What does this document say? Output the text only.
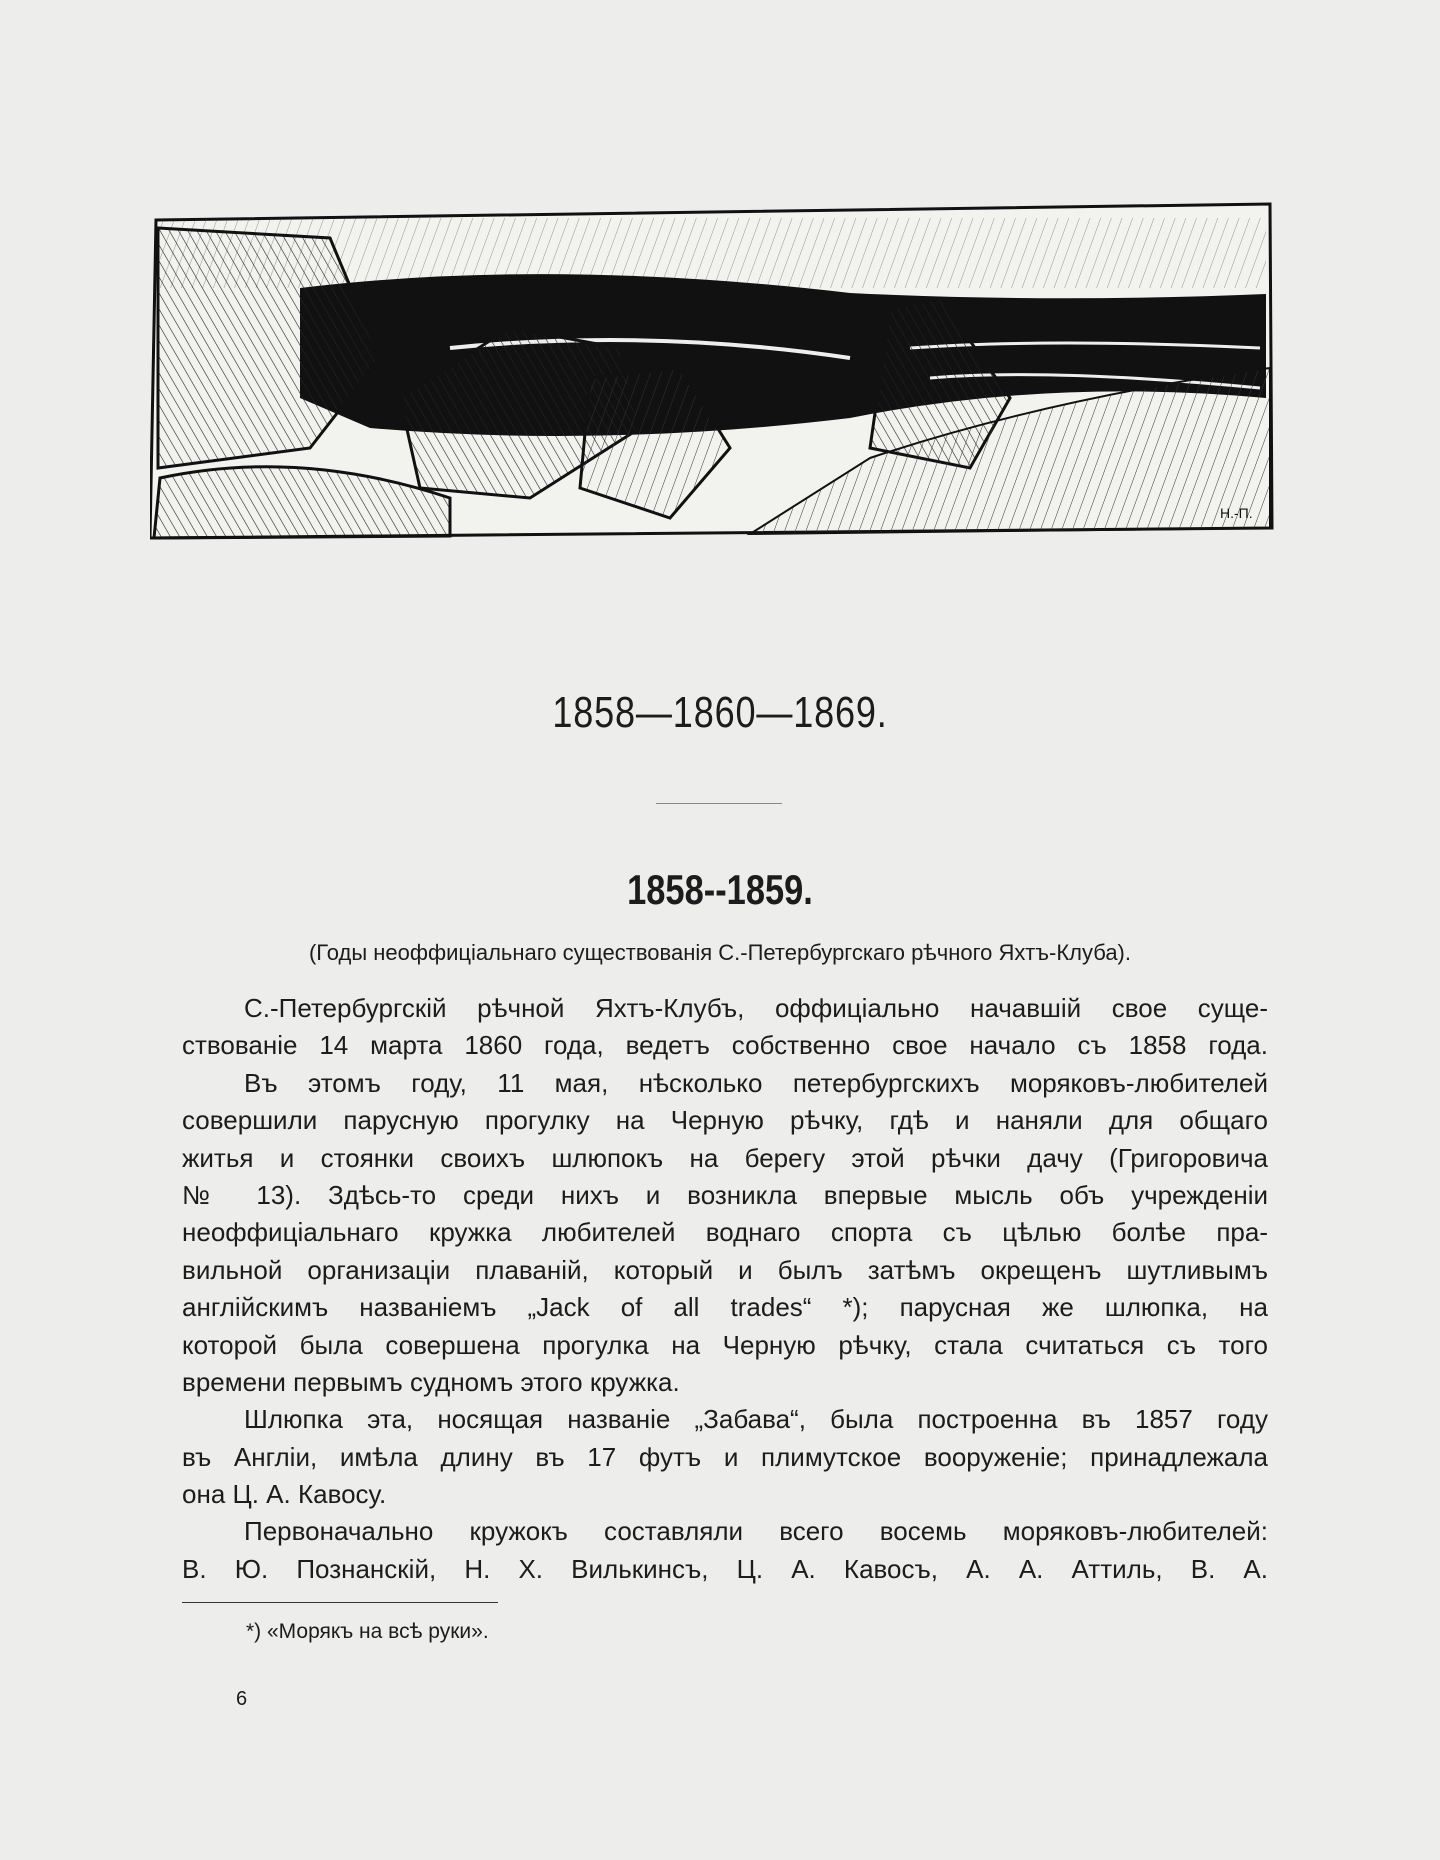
Н.-П.
1858—1860—1869.
1858--1859.
(Годы неоффиціальнаго существованія С.-Петербургскаго рѣчного Яхтъ-Клуба).
С.-Петербургскій рѣчной Яхтъ-Клубъ, оффиціально начавшій свое суще-
ствованіе 14 марта 1860 года, ведетъ собственно свое начало съ 1858 года.
Въ этомъ году, 11 мая, нѣсколько петербургскихъ моряковъ-любителей
совершили парусную прогулку на Черную рѣчку, гдѣ и наняли для общаго
житья и стоянки своихъ шлюпокъ на берегу этой рѣчки дачу (Григоровича
№ 13). Здѣсь-то среди нихъ и возникла впервые мысль объ учрежденіи
неоффиціальнаго кружка любителей воднаго спорта съ цѣлью болѣе пра-
вильной организаціи плаваній, который и былъ затѣмъ окрещенъ шутливымъ
англійскимъ названіемъ „Jack of all trades“ *); парусная же шлюпка, на
которой была совершена прогулка на Черную рѣчку, стала считаться съ того
времени первымъ судномъ этого кружка.
Шлюпка эта, носящая названіе „Забава“, была построенна въ 1857 году
въ Англіи, имѣла длину въ 17 футъ и плимутское вооруженіе; принадлежала
она Ц. А. Кавосу.
Первоначально кружокъ составляли всего восемь моряковъ-любителей:
В. Ю. Познанскій, Н. Х. Вилькинсъ, Ц. А. Кавосъ, А. А. Аттиль, В. А.
*) «Морякъ на всѣ руки».
6
